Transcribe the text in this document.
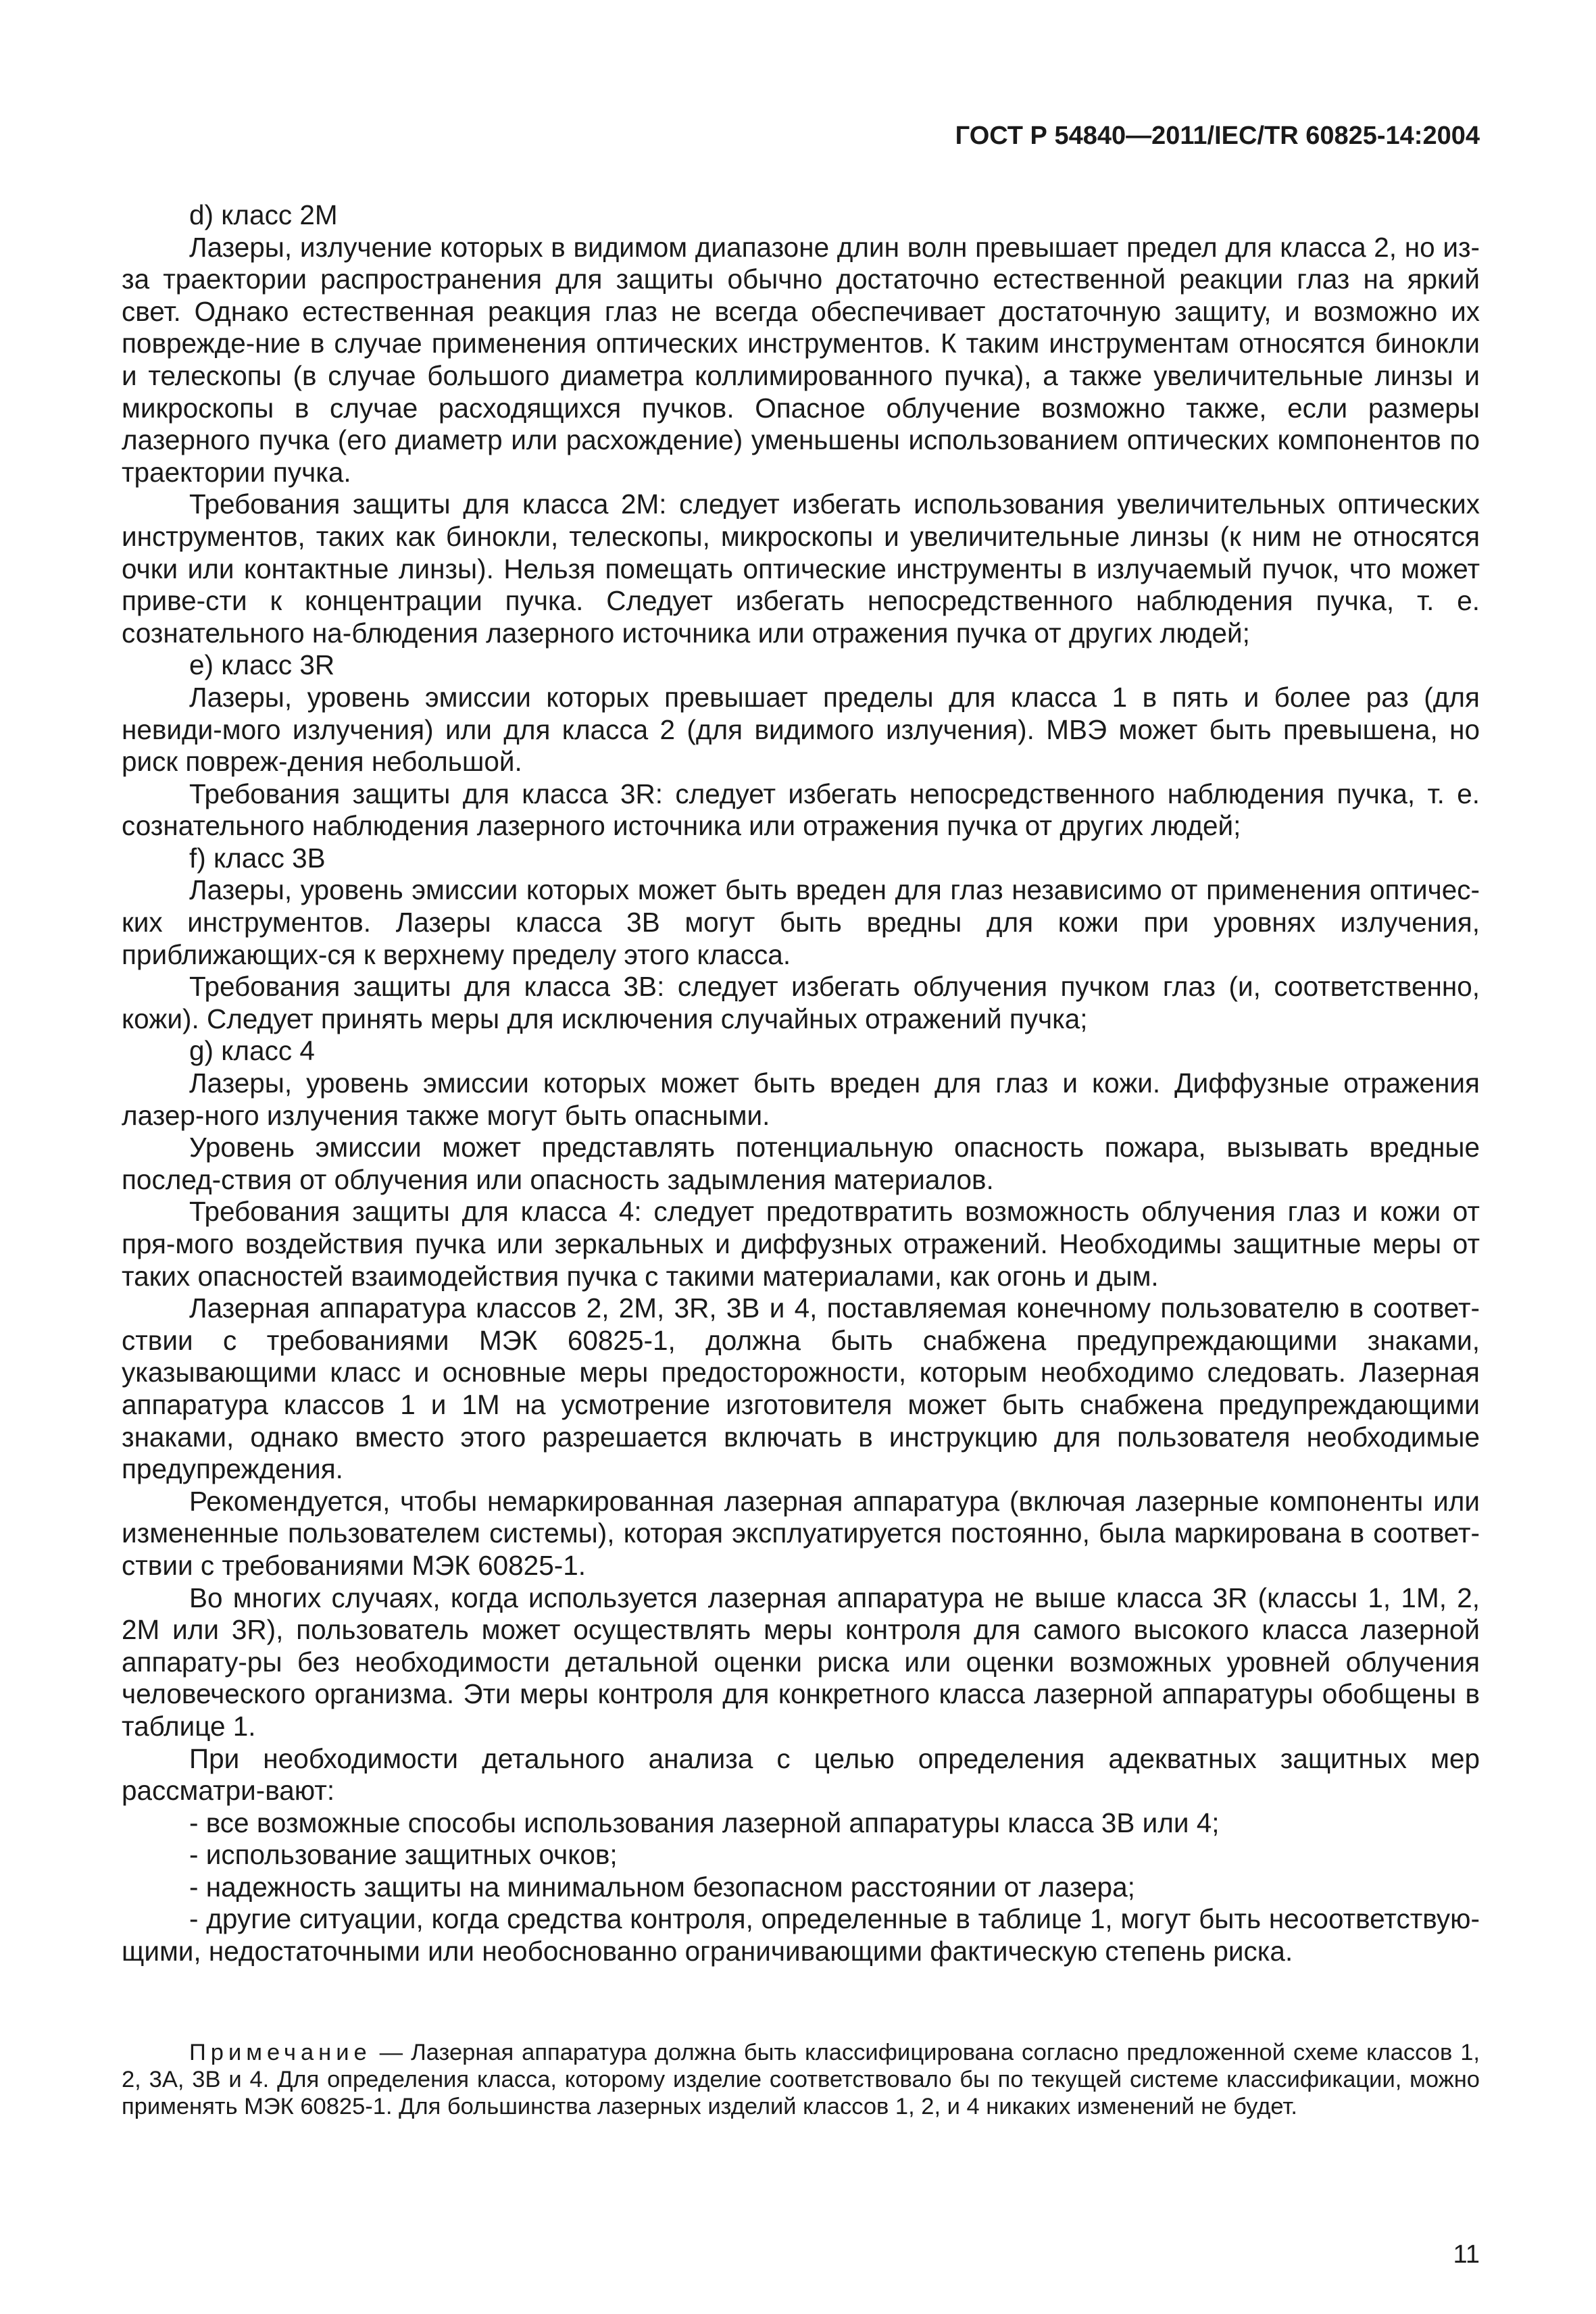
ГОСТ Р 54840—2011/IEC/TR 60825-14:2004

d) класс 2М

Лазеры, излучение которых в видимом диапазоне длин волн превышает предел для класса 2, но из-за траектории распространения для защиты обычно достаточно естественной реакции глаз на яркий свет. Однако естественная реакция глаз не всегда обеспечивает достаточную защиту, и возможно их поврежде-ние в случае применения оптических инструментов. К таким инструментам относятся бинокли и телескопы (в случае большого диаметра коллимированного пучка), а также увеличительные линзы и микроскопы в случае расходящихся пучков. Опасное облучение возможно также, если размеры лазерного пучка (его диаметр или расхождение) уменьшены использованием оптических компонентов по траектории пучка.

Требования защиты для класса 2М: следует избегать использования увеличительных оптических инструментов, таких как бинокли, телескопы, микроскопы и увеличительные линзы (к ним не относятся очки или контактные линзы). Нельзя помещать оптические инструменты в излучаемый пучок, что может приве-сти к концентрации пучка. Следует избегать непосредственного наблюдения пучка, т. е. сознательного на-блюдения лазерного источника или отражения пучка от других людей;

e) класс 3R

Лазеры, уровень эмиссии которых превышает пределы для класса 1 в пять и более раз (для невиди-мого излучения) или для класса 2 (для видимого излучения). МВЭ может быть превышена, но риск повреж-дения небольшой.

Требования защиты для класса 3R: следует избегать непосредственного наблюдения пучка, т. е. сознательного наблюдения лазерного источника или отражения пучка от других людей;

f) класс 3В

Лазеры, уровень эмиссии которых может быть вреден для глаз независимо от применения оптичес-ких инструментов. Лазеры класса 3В могут быть вредны для кожи при уровнях излучения, приближающих-ся к верхнему пределу этого класса.

Требования защиты для класса 3В: следует избегать облучения пучком глаз (и, соответственно, кожи). Следует принять меры для исключения случайных отражений пучка;

g) класс 4

Лазеры, уровень эмиссии которых может быть вреден для глаз и кожи. Диффузные отражения лазер-ного излучения также могут быть опасными.

Уровень эмиссии может представлять потенциальную опасность пожара, вызывать вредные послед-ствия от облучения или опасность задымления материалов.

Требования защиты для класса 4: следует предотвратить возможность облучения глаз и кожи от пря-мого воздействия пучка или зеркальных и диффузных отражений. Необходимы защитные меры от таких опасностей взаимодействия пучка с такими материалами, как огонь и дым.

Лазерная аппаратура классов 2, 2М, 3R, 3В и 4, поставляемая конечному пользователю в соответ-ствии с требованиями МЭК 60825-1, должна быть снабжена предупреждающими знаками, указывающими класс и основные меры предосторожности, которым необходимо следовать. Лазерная аппаратура классов 1 и 1М на усмотрение изготовителя может быть снабжена предупреждающими знаками, однако вместо этого разрешается включать в инструкцию для пользователя необходимые предупреждения.

Рекомендуется, чтобы немаркированная лазерная аппаратура (включая лазерные компоненты или измененные пользователем системы), которая эксплуатируется постоянно, была маркирована в соответ-ствии с требованиями МЭК 60825-1.

Во многих случаях, когда используется лазерная аппаратура не выше класса 3R (классы 1, 1М, 2, 2М или 3R), пользователь может осуществлять меры контроля для самого высокого класса лазерной аппарату-ры без необходимости детальной оценки риска или оценки возможных уровней облучения человеческого организма. Эти меры контроля для конкретного класса лазерной аппаратуры обобщены в таблице 1.

При необходимости детального анализа с целью определения адекватных защитных мер рассматри-вают:

- все возможные способы использования лазерной аппаратуры класса 3В или 4;

- использование защитных очков;

- надежность защиты на минимальном безопасном расстоянии от лазера;

- другие ситуации, когда средства контроля, определенные в таблице 1, могут быть несоответствую-щими, недостаточными или необоснованно ограничивающими фактическую степень риска.

Примечание — Лазерная аппаратура должна быть классифицирована согласно предложенной схеме классов 1, 2, 3А, 3В и 4. Для определения класса, которому изделие соответствовало бы по текущей системе классификации, можно применять МЭК 60825-1. Для большинства лазерных изделий классов 1, 2, и 4 никаких изменений не будет.

11
